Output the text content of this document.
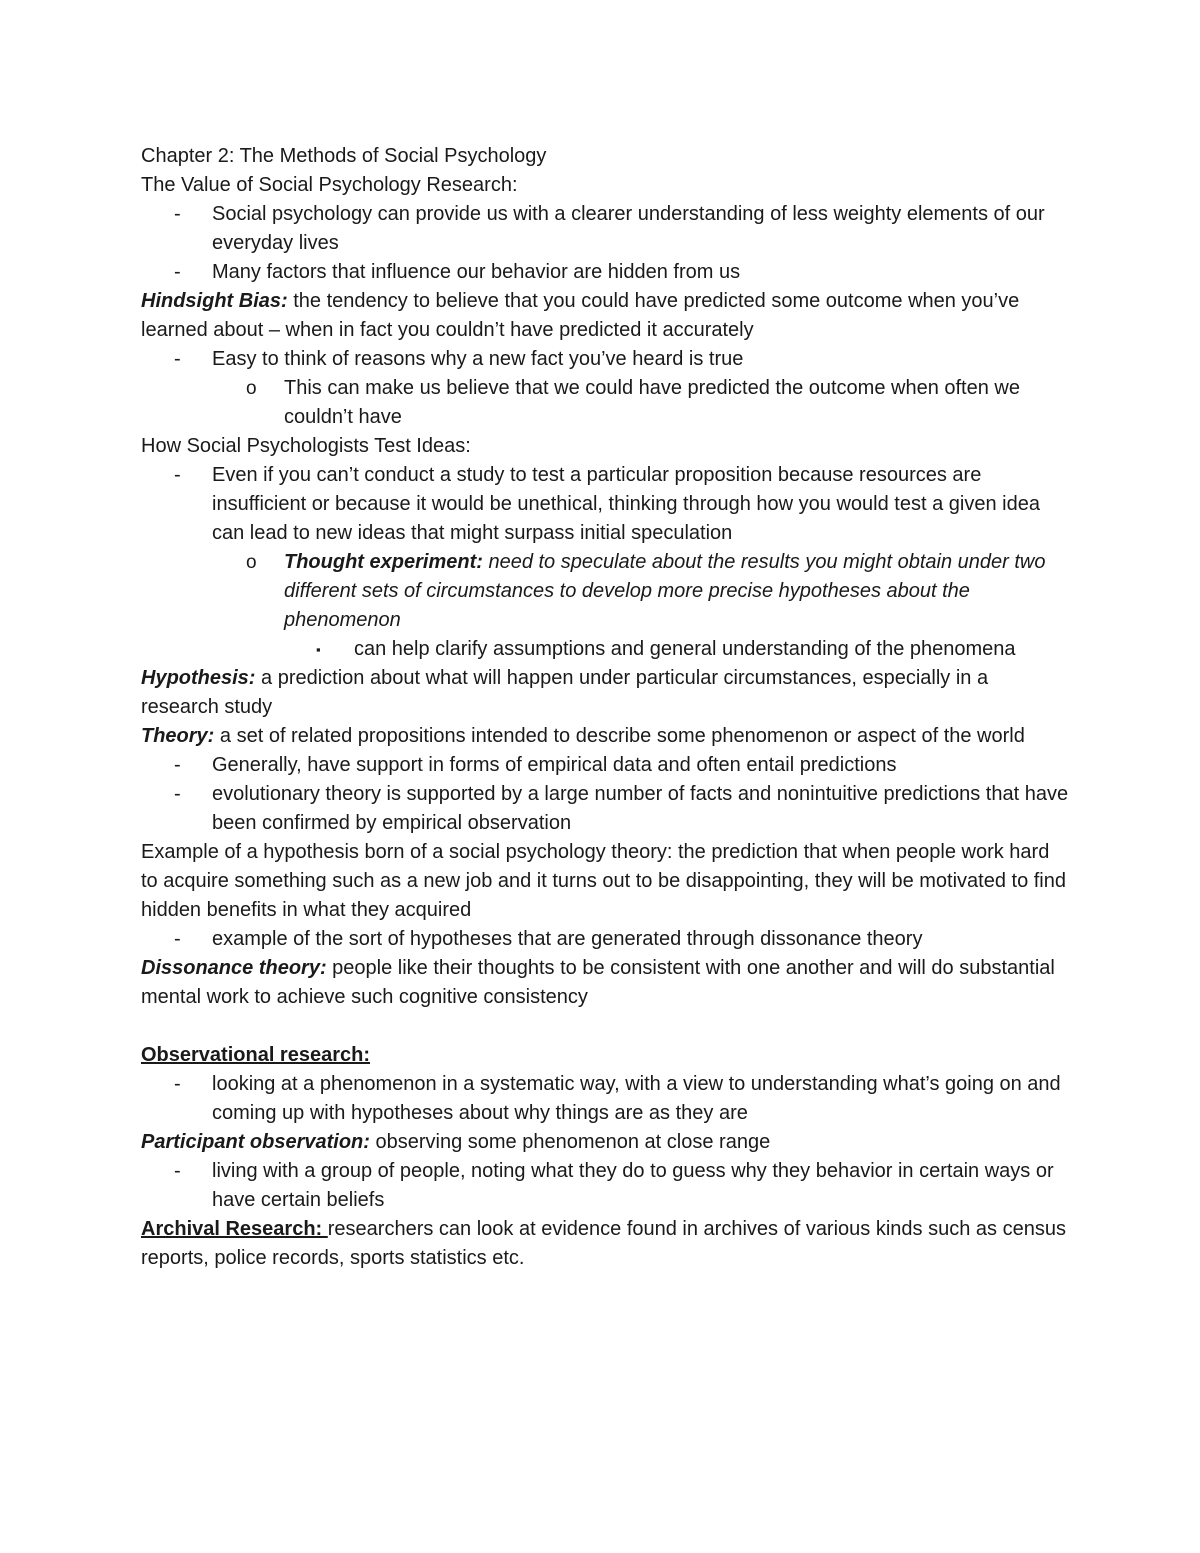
Chapter 2: The Methods of Social Psychology

The Value of Social Psychology Research:

-	Social psychology can provide us with a clearer understanding of less weighty elements of our everyday lives
-	Many factors that influence our behavior are hidden from us

Hindsight Bias: the tendency to believe that you could have predicted some outcome when you’ve learned about – when in fact you couldn’t have predicted it accurately

-	Easy to think of reasons why a new fact you’ve heard is true
o	This can make us believe that we could have predicted the outcome when often we couldn’t have

How Social Psychologists Test Ideas:

-	Even if you can’t conduct a study to test a particular proposition because resources are insufficient or because it would be unethical, thinking through how you would test a given idea can lead to new ideas that might surpass initial speculation
o	Thought experiment: need to speculate about the results you might obtain under two different sets of circumstances to develop more precise hypotheses about the phenomenon
▪	can help clarify assumptions and general understanding of the phenomena

Hypothesis: a prediction about what will happen under particular circumstances, especially in a research study

Theory: a set of related propositions intended to describe some phenomenon or aspect of the world

-	Generally, have support in forms of empirical data and often entail predictions
-	evolutionary theory is supported by a large number of facts and nonintuitive predictions that have been confirmed by empirical observation

Example of a hypothesis born of a social psychology theory: the prediction that when people work hard to acquire something such as a new job and it turns out to be disappointing, they will be motivated to find hidden benefits in what they acquired

-	example of the sort of hypotheses that are generated through dissonance theory

Dissonance theory: people like their thoughts to be consistent with one another and will do substantial mental work to achieve such cognitive consistency

Observational research:

-	looking at a phenomenon in a systematic way, with a view to understanding what’s going on and coming up with hypotheses about why things are as they are

Participant observation: observing some phenomenon at close range

-	living with a group of people, noting what they do to guess why they behavior in certain ways or have certain beliefs

Archival Research: researchers can look at evidence found in archives of various kinds such as census reports, police records, sports statistics etc.
